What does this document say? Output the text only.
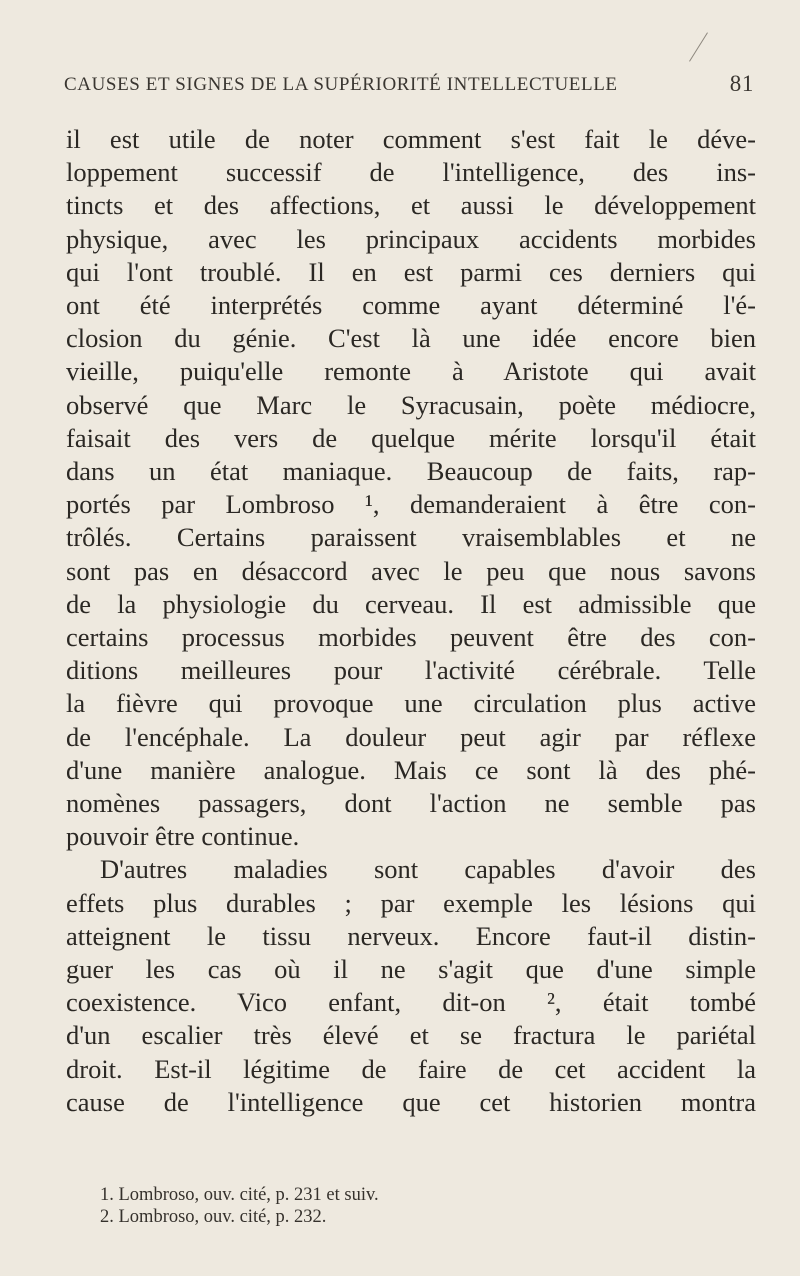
CAUSES ET SIGNES DE LA SUPÉRIORITÉ INTELLECTUELLE	81
il est utile de noter comment s'est fait le déve-
loppement successif de l'intelligence, des ins-
tincts et des affections, et aussi le développement
physique, avec les principaux accidents morbides
qui l'ont troublé. Il en est parmi ces derniers qui
ont été interprétés comme ayant déterminé l'é-
closion du génie. C'est là une idée encore bien
vieille, puiqu'elle remonte à Aristote qui avait
observé que Marc le Syracusain, poète médiocre,
faisait des vers de quelque mérite lorsqu'il était
dans un état maniaque. Beaucoup de faits, rap-
portés par Lombroso ¹, demanderaient à être con-
trôlés. Certains paraissent vraisemblables et ne
sont pas en désaccord avec le peu que nous savons
de la physiologie du cerveau. Il est admissible que
certains processus morbides peuvent être des con-
ditions meilleures pour l'activité cérébrale. Telle
la fièvre qui provoque une circulation plus active
de l'encéphale. La douleur peut agir par réflexe
d'une manière analogue. Mais ce sont là des phé-
nomènes passagers, dont l'action ne semble pas
pouvoir être continue.
D'autres maladies sont capables d'avoir des
effets plus durables ; par exemple les lésions qui
atteignent le tissu nerveux. Encore faut-il distin-
guer les cas où il ne s'agit que d'une simple
coexistence. Vico enfant, dit-on ², était tombé
d'un escalier très élevé et se fractura le pariétal
droit. Est-il légitime de faire de cet accident la
cause de l'intelligence que cet historien montra
1. Lombroso, ouv. cité, p. 231 et suiv.
2. Lombroso, ouv. cité, p. 232.
